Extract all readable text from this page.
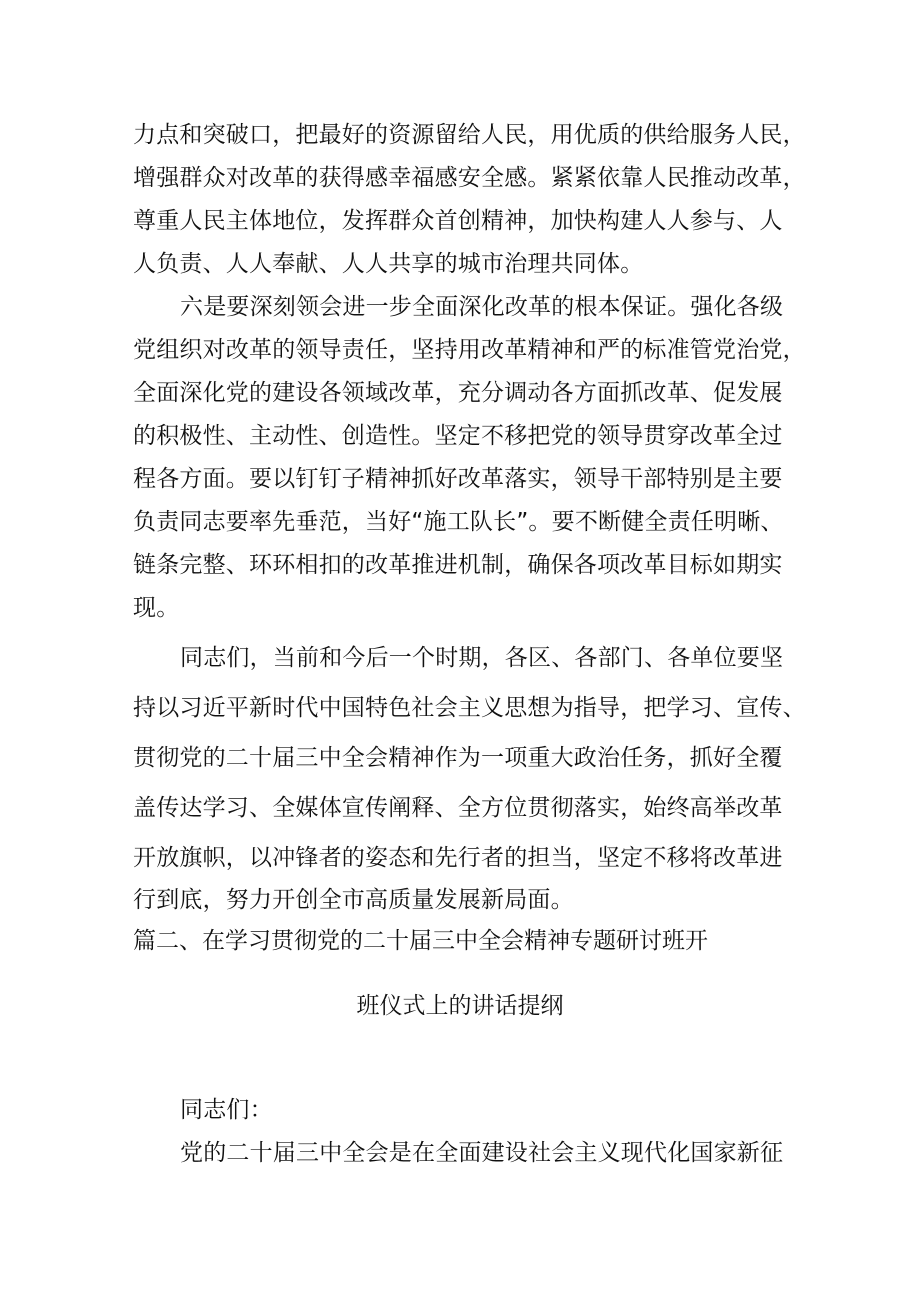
力点和突破口，把最好的资源留给人民，用优质的供给服务人民，
增强群众对改革的获得感幸福感安全感。紧紧依靠人民推动改革，
尊重人民主体地位，发挥群众首创精神，加快构建人人参与、人
人负责、人人奉献、人人共享的城市治理共同体。
六是要深刻领会进一步全面深化改革的根本保证。强化各级
党组织对改革的领导责任，坚持用改革精神和严的标准管党治党，
全面深化党的建设各领域改革，充分调动各方面抓改革、促发展
的积极性、主动性、创造性。坚定不移把党的领导贯穿改革全过
程各方面。要以钉钉子精神抓好改革落实，领导干部特别是主要
负责同志要率先垂范，当好“施工队长”。要不断健全责任明晰、
链条完整、环环相扣的改革推进机制，确保各项改革目标如期实
现。
同志们，当前和今后一个时期，各区、各部门、各单位要坚
持以习近平新时代中国特色社会主义思想为指导，把学习、宣传、
贯彻党的二十届三中全会精神作为一项重大政治任务，抓好全覆
盖传达学习、全媒体宣传阐释、全方位贯彻落实，始终高举改革
开放旗帜，以冲锋者的姿态和先行者的担当，坚定不移将改革进
行到底，努力开创全市高质量发展新局面。
篇二、在学习贯彻党的二十届三中全会精神专题研讨班开
班仪式上的讲话提纲
同志们：
党的二十届三中全会是在全面建设社会主义现代化国家新征
